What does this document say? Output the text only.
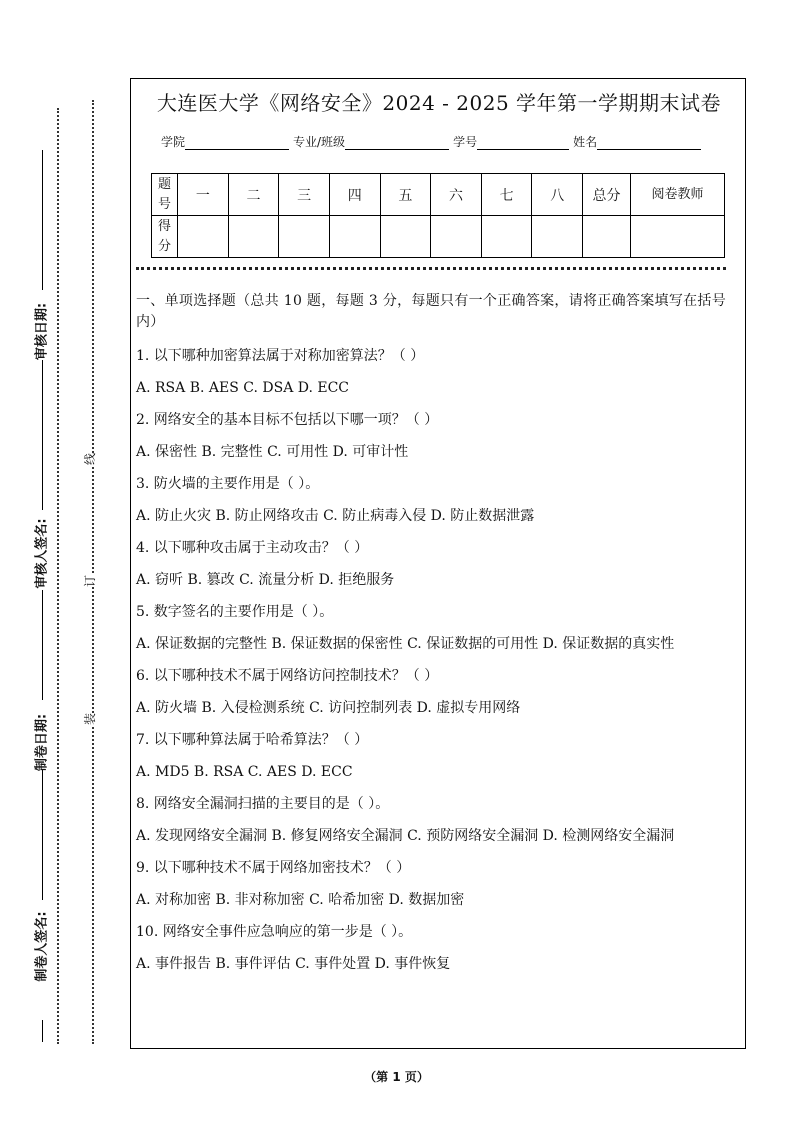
审核日期:
审核人签名:
制卷日期:
制卷人签名:
线
订
装
大连医大学《网络安全》2024 - 2025 学年第一学期期末试卷
学院	专业/班级	学号	姓名
题号	一	二	三	四	五	六	七	八	总分	阅卷教师
得分										
一、单项选择题（总共 10 题，每题 3 分，每题只有一个正确答案，请将正确答案填写在括号内）
1. 以下哪种加密算法属于对称加密算法？（ ）
A. RSA B. AES C. DSA D. ECC
2. 网络安全的基本目标不包括以下哪一项？（ ）
A. 保密性 B. 完整性 C. 可用性 D. 可审计性
3. 防火墙的主要作用是（ ）。
A. 防止火灾 B. 防止网络攻击 C. 防止病毒入侵 D. 防止数据泄露
4. 以下哪种攻击属于主动攻击？（ ）
A. 窃听 B. 篡改 C. 流量分析 D. 拒绝服务
5. 数字签名的主要作用是（ ）。
A. 保证数据的完整性 B. 保证数据的保密性 C. 保证数据的可用性 D. 保证数据的真实性
6. 以下哪种技术不属于网络访问控制技术？（ ）
A. 防火墙 B. 入侵检测系统 C. 访问控制列表 D. 虚拟专用网络
7. 以下哪种算法属于哈希算法？（ ）
A. MD5 B. RSA C. AES D. ECC
8. 网络安全漏洞扫描的主要目的是（ ）。
A. 发现网络安全漏洞 B. 修复网络安全漏洞 C. 预防网络安全漏洞 D. 检测网络安全漏洞
9. 以下哪种技术不属于网络加密技术？（ ）
A. 对称加密 B. 非对称加密 C. 哈希加密 D. 数据加密
10. 网络安全事件应急响应的第一步是（ ）。
A. 事件报告 B. 事件评估 C. 事件处置 D. 事件恢复
（第 1 页）
